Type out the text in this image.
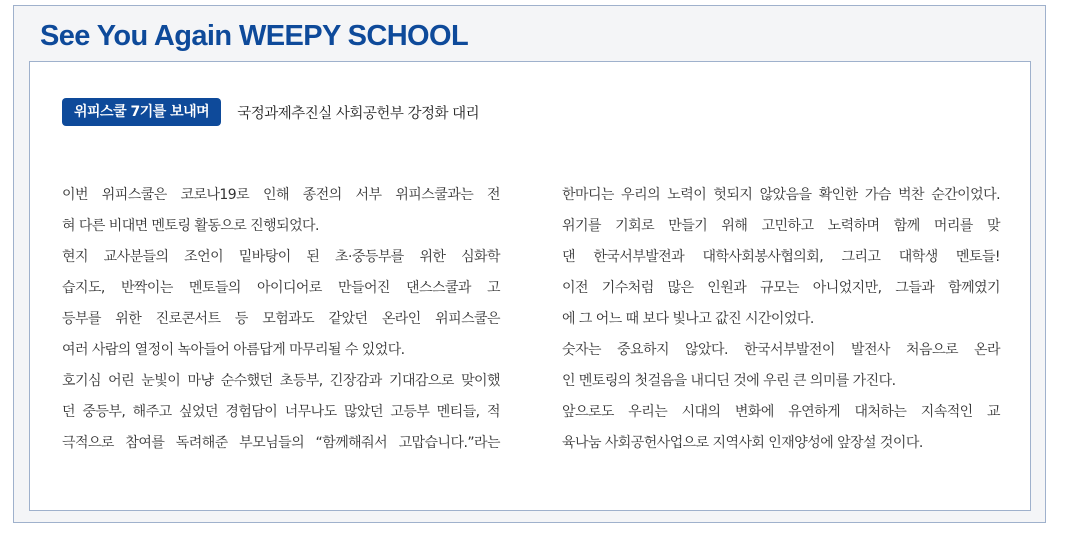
See You Again WEEPY SCHOOL
위피스쿨 7기를 보내며	국정과제추진실 사회공헌부 강정화 대리
이번 위피스쿨은 코로나19로 인해 종전의 서부 위피스쿨과는 전
혀 다른 비대면 멘토링 활동으로 진행되었다.
현지 교사분들의 조언이 밑바탕이 된 초·중등부를 위한 심화학
습지도, 반짝이는 멘토들의 아이디어로 만들어진 댄스스쿨과 고
등부를 위한 진로콘서트 등 모험과도 같았던 온라인 위피스쿨은
여러 사람의 열정이 녹아들어 아름답게 마무리될 수 있었다.
호기심 어린 눈빛이 마냥 순수했던 초등부, 긴장감과 기대감으로 맞이했
던 중등부, 해주고 싶었던 경험담이 너무나도 많았던 고등부 멘티들, 적
극적으로 참여를 독려해준 부모님들의 “함께해줘서 고맙습니다.”라는
한마디는 우리의 노력이 헛되지 않았음을 확인한 가슴 벅찬 순간이었다.
위기를 기회로 만들기 위해 고민하고 노력하며 함께 머리를 맞
댄 한국서부발전과 대학사회봉사협의회, 그리고 대학생 멘토들!
이전 기수처럼 많은 인원과 규모는 아니었지만, 그들과 함께였기
에 그 어느 때 보다 빛나고 값진 시간이었다.
숫자는 중요하지 않았다. 한국서부발전이 발전사 처음으로 온라
인 멘토링의 첫걸음을 내디딘 것에 우린 큰 의미를 가진다.
앞으로도 우리는 시대의 변화에 유연하게 대처하는 지속적인 교
육나눔 사회공헌사업으로 지역사회 인재양성에 앞장설 것이다.
